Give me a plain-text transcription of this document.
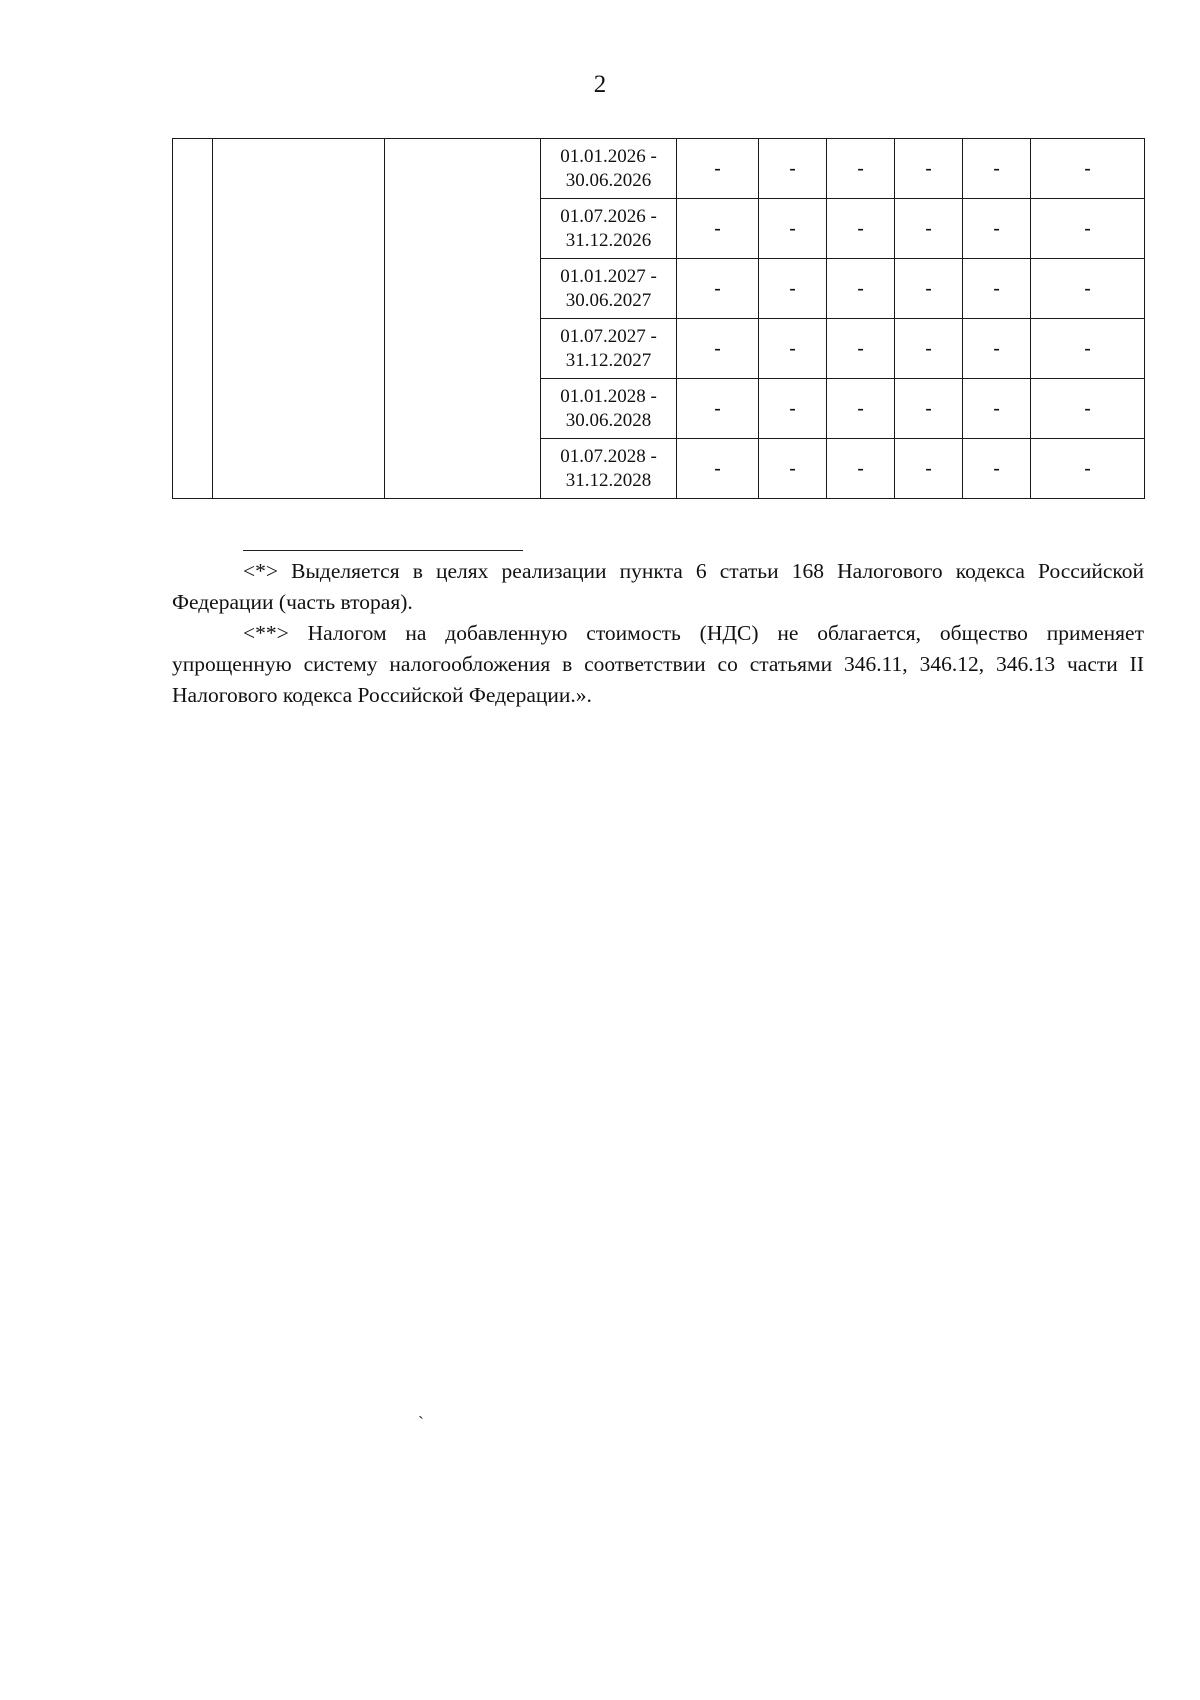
2

			01.01.2026 -
30.06.2026	-	-	-	-	-	-

			01.07.2026 -
31.12.2026	-	-	-	-	-	-

			01.01.2027 -
30.06.2027	-	-	-	-	-	-

			01.07.2027 -
31.12.2027	-	-	-	-	-	-

			01.01.2028 -
30.06.2028	-	-	-	-	-	-

			01.07.2028 -
31.12.2028	-	-	-	-	-	-

<*> Выделяется в целях реализации пункта 6 статьи 168 Налогового кодекса Российской Федерации (часть вторая).

<**> Налогом на добавленную стоимость (НДС) не облагается, общество применяет упрощенную систему налогообложения в соответствии со статьями 346.11, 346.12, 346.13 части II Налогового кодекса Российской Федерации.».

`
